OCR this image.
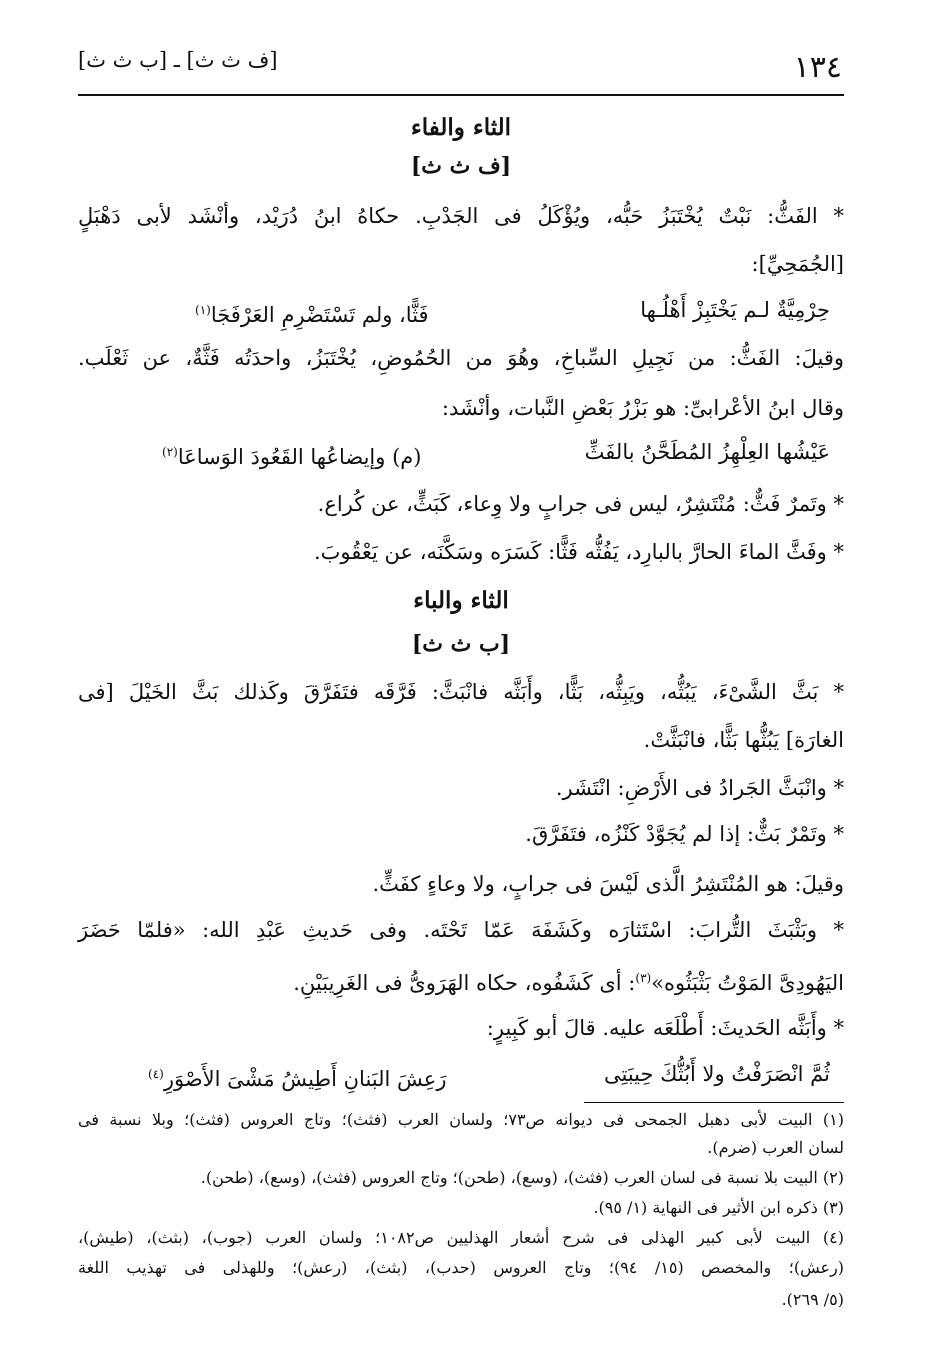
١٣٤
[ف ث ث] ـ [ب ث ث]
الثاء والفاء
[ف ث ث]
* الفَثُّ: نَبْتٌ يُخْتَبَزُ حَبُّه، ويُؤْكَلُ فى الجَدْبِ. حكاهُ ابنُ دُرَيْد، وأنْشَد لأبى دَهْبَلٍ
[الجُمَحِيِّ]:
حِرْمِيَّةٌ لـم يَخْتَبِزْ أَهْلُـها
فَثًّا، ولم تَسْتَضْرِمِ العَرْفَجَا$^{(١)}$
وقيلَ: الفَثُّ: من نَجِيلِ السِّباخِ، وهُوَ من الحُمُوضِ، يُخْتَبَزُ، واحدَتُه فَثَّةٌ، عن ثَعْلَب.
وقال ابنُ الأعْرابىِّ: هو بَزْرُ بَعْضِ النَّبات، وأنْشَد:
عَيْشُها العِلْهِزُ المُطَحَّنُ بالفَثِّ
(م) وإيضاعُها القَعُودَ الوَساعَا$^{(٢)}$
* وتَمرٌ فَثٌّ: مُنْتَشِرٌ، ليس فى جرابٍ ولا وِعاء، كَبَثٍّ، عن كُراع.
* وفَثَّ الماءَ الحارَّ بالبارِد، يَفُثُّه فَثًّا: كَسَرَه وسَكَّنَه، عن يَعْقُوبَ.
الثاء والباء
[ب ث ث]
* بَثَّ الشَّىْءَ، يَبُثُّه، ويَبِثُّه، بَثًّا، وأَبَثَّه فانْبَثَّ: فَرَّقَه فتَفَرَّقَ وكَذلك بَثَّ الخَيْلَ [فى
الغارَة] يَبُثُّها بَثًّا، فانْبَثَّتْ.
* وانْبَثَّ الجَرادُ فى الأَرْضِ: انْتَشَر.
* وتَمْرٌ بَثٌّ: إذا لم يُجَوَّدْ كَنْزُه، فتَفَرَّقَ.
وقيلَ: هو المُنْتَشِرُ الَّذى لَيْسَ فى جرابٍ، ولا وعاءٍ كفَثٍّ.
* وبَثْبَثَ التُّرابَ: اسْتَثارَه وكَشَفَهَ عَمّا تَحْتَه. وفى حَديثِ عَبْدِ الله: «فلمّا حَضَرَ
اليَهُودِىَّ المَوْتُ بَثْبَثُوه»$^{(٣)}$: أى كَشَفُوه، حكاه الهَرَوىُّ فى الغَرِيبَيْنِ.
* وأَبَثَّه الحَديثَ: أَطْلَعَه عليه. قالَ أبو كَبِيرٍ:
ثُمَّ انْصَرَفْتُ ولا أَبُثُّكَ حِيبَتِى
رَعِشَ البَنانِ أَطِيشُ مَشْىَ الأَصْوَرِ$^{(٤)}$
(١) البيت لأبى دهبل الجمحى فى ديوانه ص٧٣؛ ولسان العرب (فثث)؛ وتاج العروس (فثث)؛ وبلا نسبة فى
لسان العرب (ضرم).
(٢) البيت بلا نسبة فى لسان العرب (فثث)، (وسع)، (طحن)؛ وتاج العروس (فثث)، (وسع)، (طحن).
(٣) ذكره ابن الأثير فى النهاية (١/ ٩٥).
(٤) البيت لأبى كبير الهذلى فى شرح أشعار الهذليين ص١٠٨٢؛ ولسان العرب (جوب)، (بثث)، (طيش)،
(رعش)؛ والمخصص (١٥/ ٩٤)؛ وتاج العروس (حدب)، (بثث)، (رعش)؛ وللهذلى فى تهذيب اللغة
(٥/ ٢٦٩).
